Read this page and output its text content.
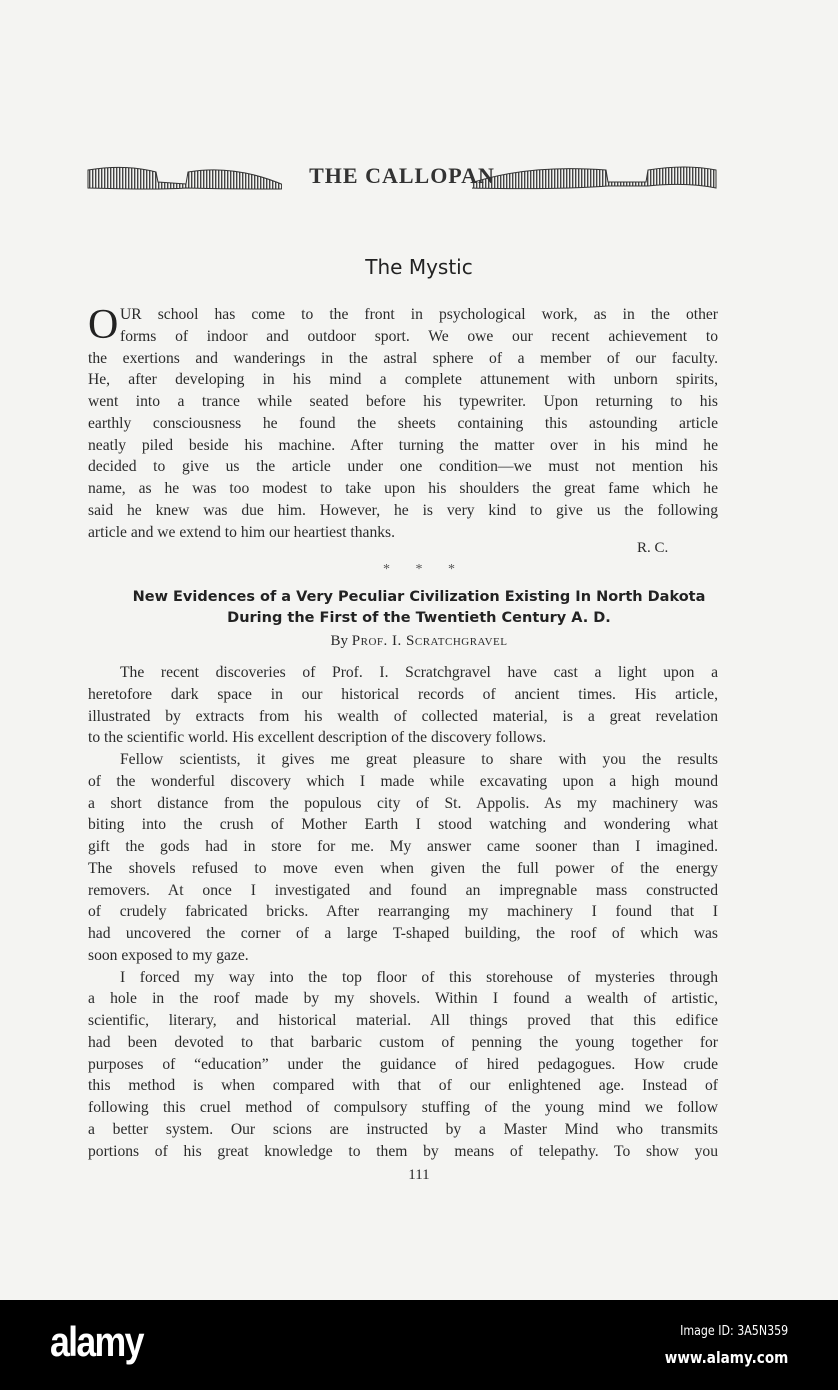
THE CALLOPAN
The Mystic
O UR school has come to the front in psychological work, as in the other
forms of indoor and outdoor sport. We owe our recent achievement to
the exertions and wanderings in the astral sphere of a member of our faculty.
He, after developing in his mind a complete attunement with unborn spirits,
went into a trance while seated before his typewriter. Upon returning to his
earthly consciousness he found the sheets containing this astounding article
neatly piled beside his machine. After turning the matter over in his mind he
decided to give us the article under one condition—we must not mention his
name, as he was too modest to take upon his shoulders the great fame which he
said he knew was due him. However, he is very kind to give us the following
article and we extend to him our heartiest thanks.
R. C.
* * *
New Evidences of a Very Peculiar Civilization Existing In North Dakota
During the First of the Twentieth Century A. D.
By Prof. I. Scratchgravel
The recent discoveries of Prof. I. Scratchgravel have cast a light upon a
heretofore dark space in our historical records of ancient times. His article,
illustrated by extracts from his wealth of collected material, is a great revelation
to the scientific world. His excellent description of the discovery follows.
Fellow scientists, it gives me great pleasure to share with you the results
of the wonderful discovery which I made while excavating upon a high mound
a short distance from the populous city of St. Appolis. As my machinery was
biting into the crush of Mother Earth I stood watching and wondering what
gift the gods had in store for me. My answer came sooner than I imagined.
The shovels refused to move even when given the full power of the energy
removers. At once I investigated and found an impregnable mass constructed
of crudely fabricated bricks. After rearranging my machinery I found that I
had uncovered the corner of a large T-shaped building, the roof of which was
soon exposed to my gaze.
I forced my way into the top floor of this storehouse of mysteries through
a hole in the roof made by my shovels. Within I found a wealth of artistic,
scientific, literary, and historical material. All things proved that this edifice
had been devoted to that barbaric custom of penning the young together for
purposes of “education” under the guidance of hired pedagogues. How crude
this method is when compared with that of our enlightened age. Instead of
following this cruel method of compulsory stuffing of the young mind we follow
a better system. Our scions are instructed by a Master Mind who transmits
portions of his great knowledge to them by means of telepathy. To show you
111
alamy	Image ID: 3A5N359
www.alamy.com
